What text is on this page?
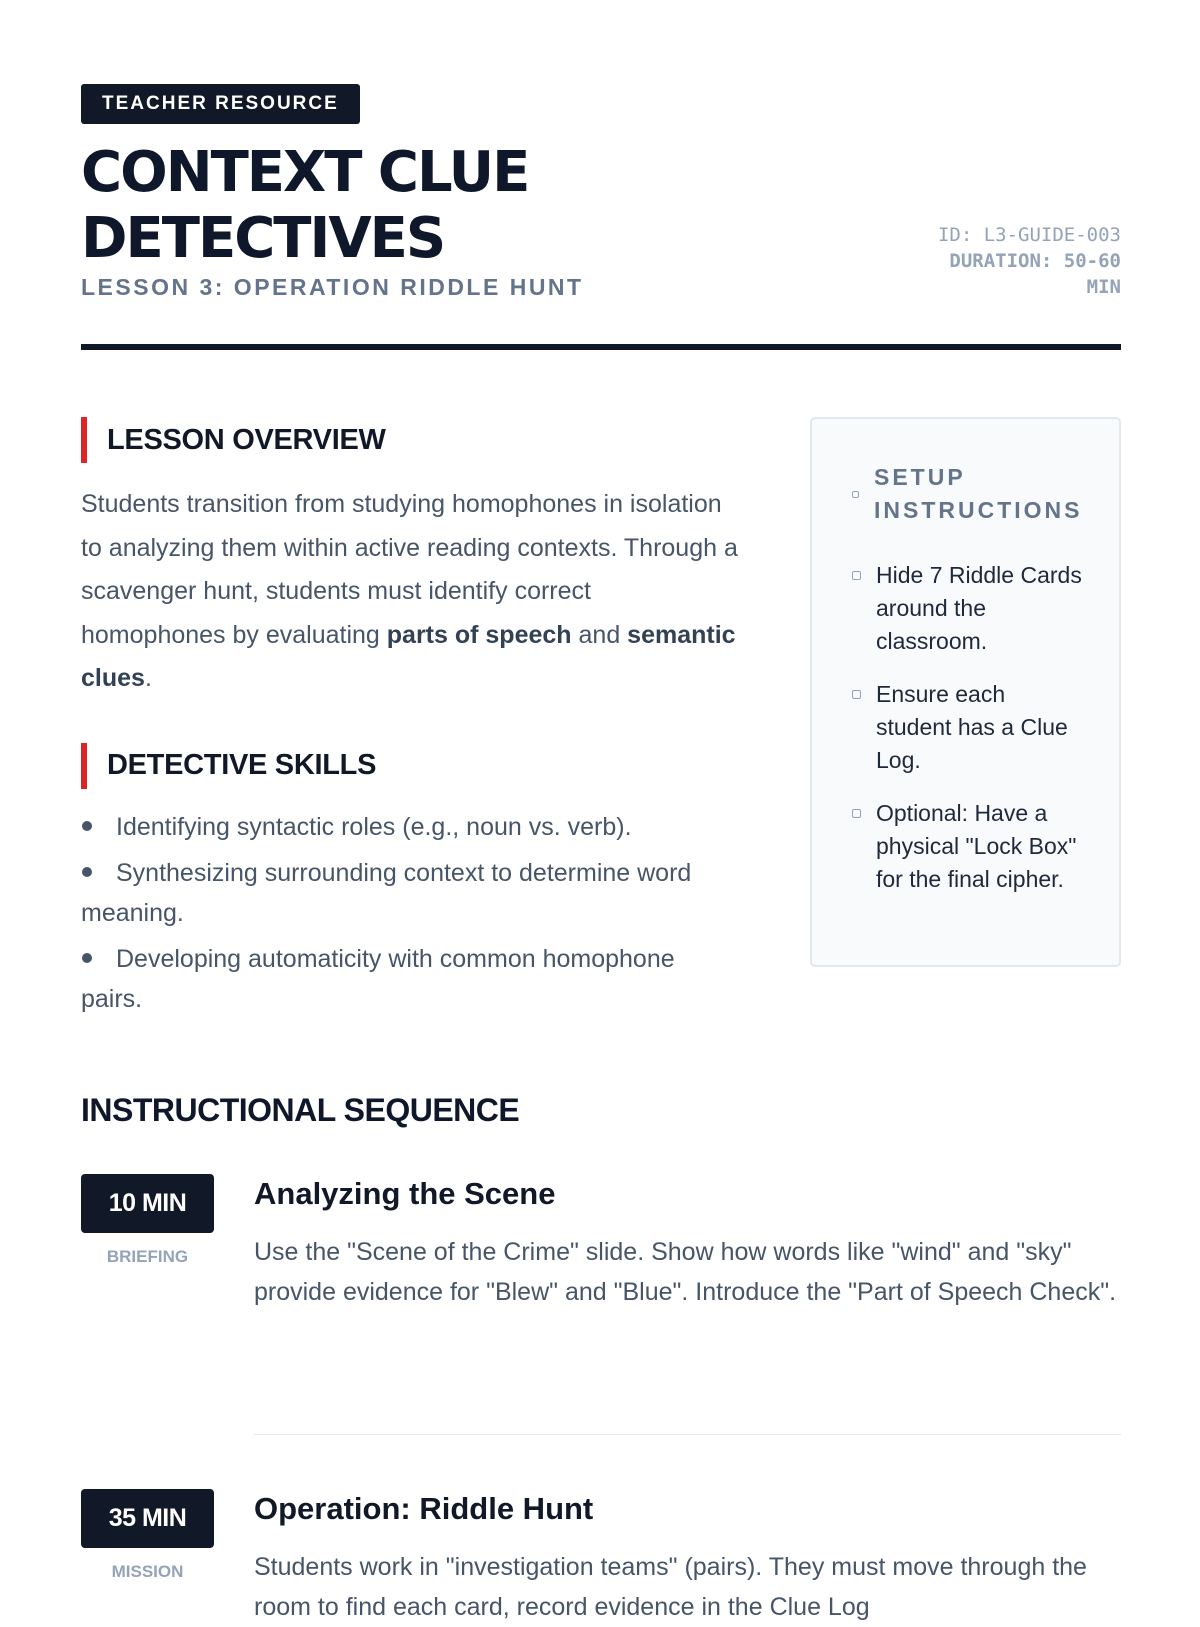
TEACHER RESOURCE
CONTEXT CLUE
DETECTIVES
LESSON 3: OPERATION RIDDLE HUNT
ID: L3-GUIDE-003
DURATION: 50-60
MIN
LESSON OVERVIEW

Students transition from studying homophones in isolation to analyzing them within active reading contexts. Through a scavenger hunt, students must identify correct homophones by evaluating parts of speech and semantic clues.

DETECTIVE SKILLS
Identifying syntactic roles (e.g., noun vs. verb).
Synthesizing surrounding context to determine word meaning.
Developing automaticity with common homophone pairs.
SETUP INSTRUCTIONS
Hide 7 Riddle Cards around the classroom.
Ensure each student has a Clue Log.
Optional: Have a physical "Lock Box" for the final cipher.
INSTRUCTIONAL SEQUENCE
10 MIN
BRIEFING
Analyzing the Scene

Use the "Scene of the Crime" slide. Show how words like "wind" and "sky" provide evidence for "Blew" and "Blue". Introduce the "Part of Speech Check".

35 MIN
MISSION
Operation: Riddle Hunt

Students work in "investigation teams" (pairs). They must move through the room to find each card, record evidence in the Clue Log
